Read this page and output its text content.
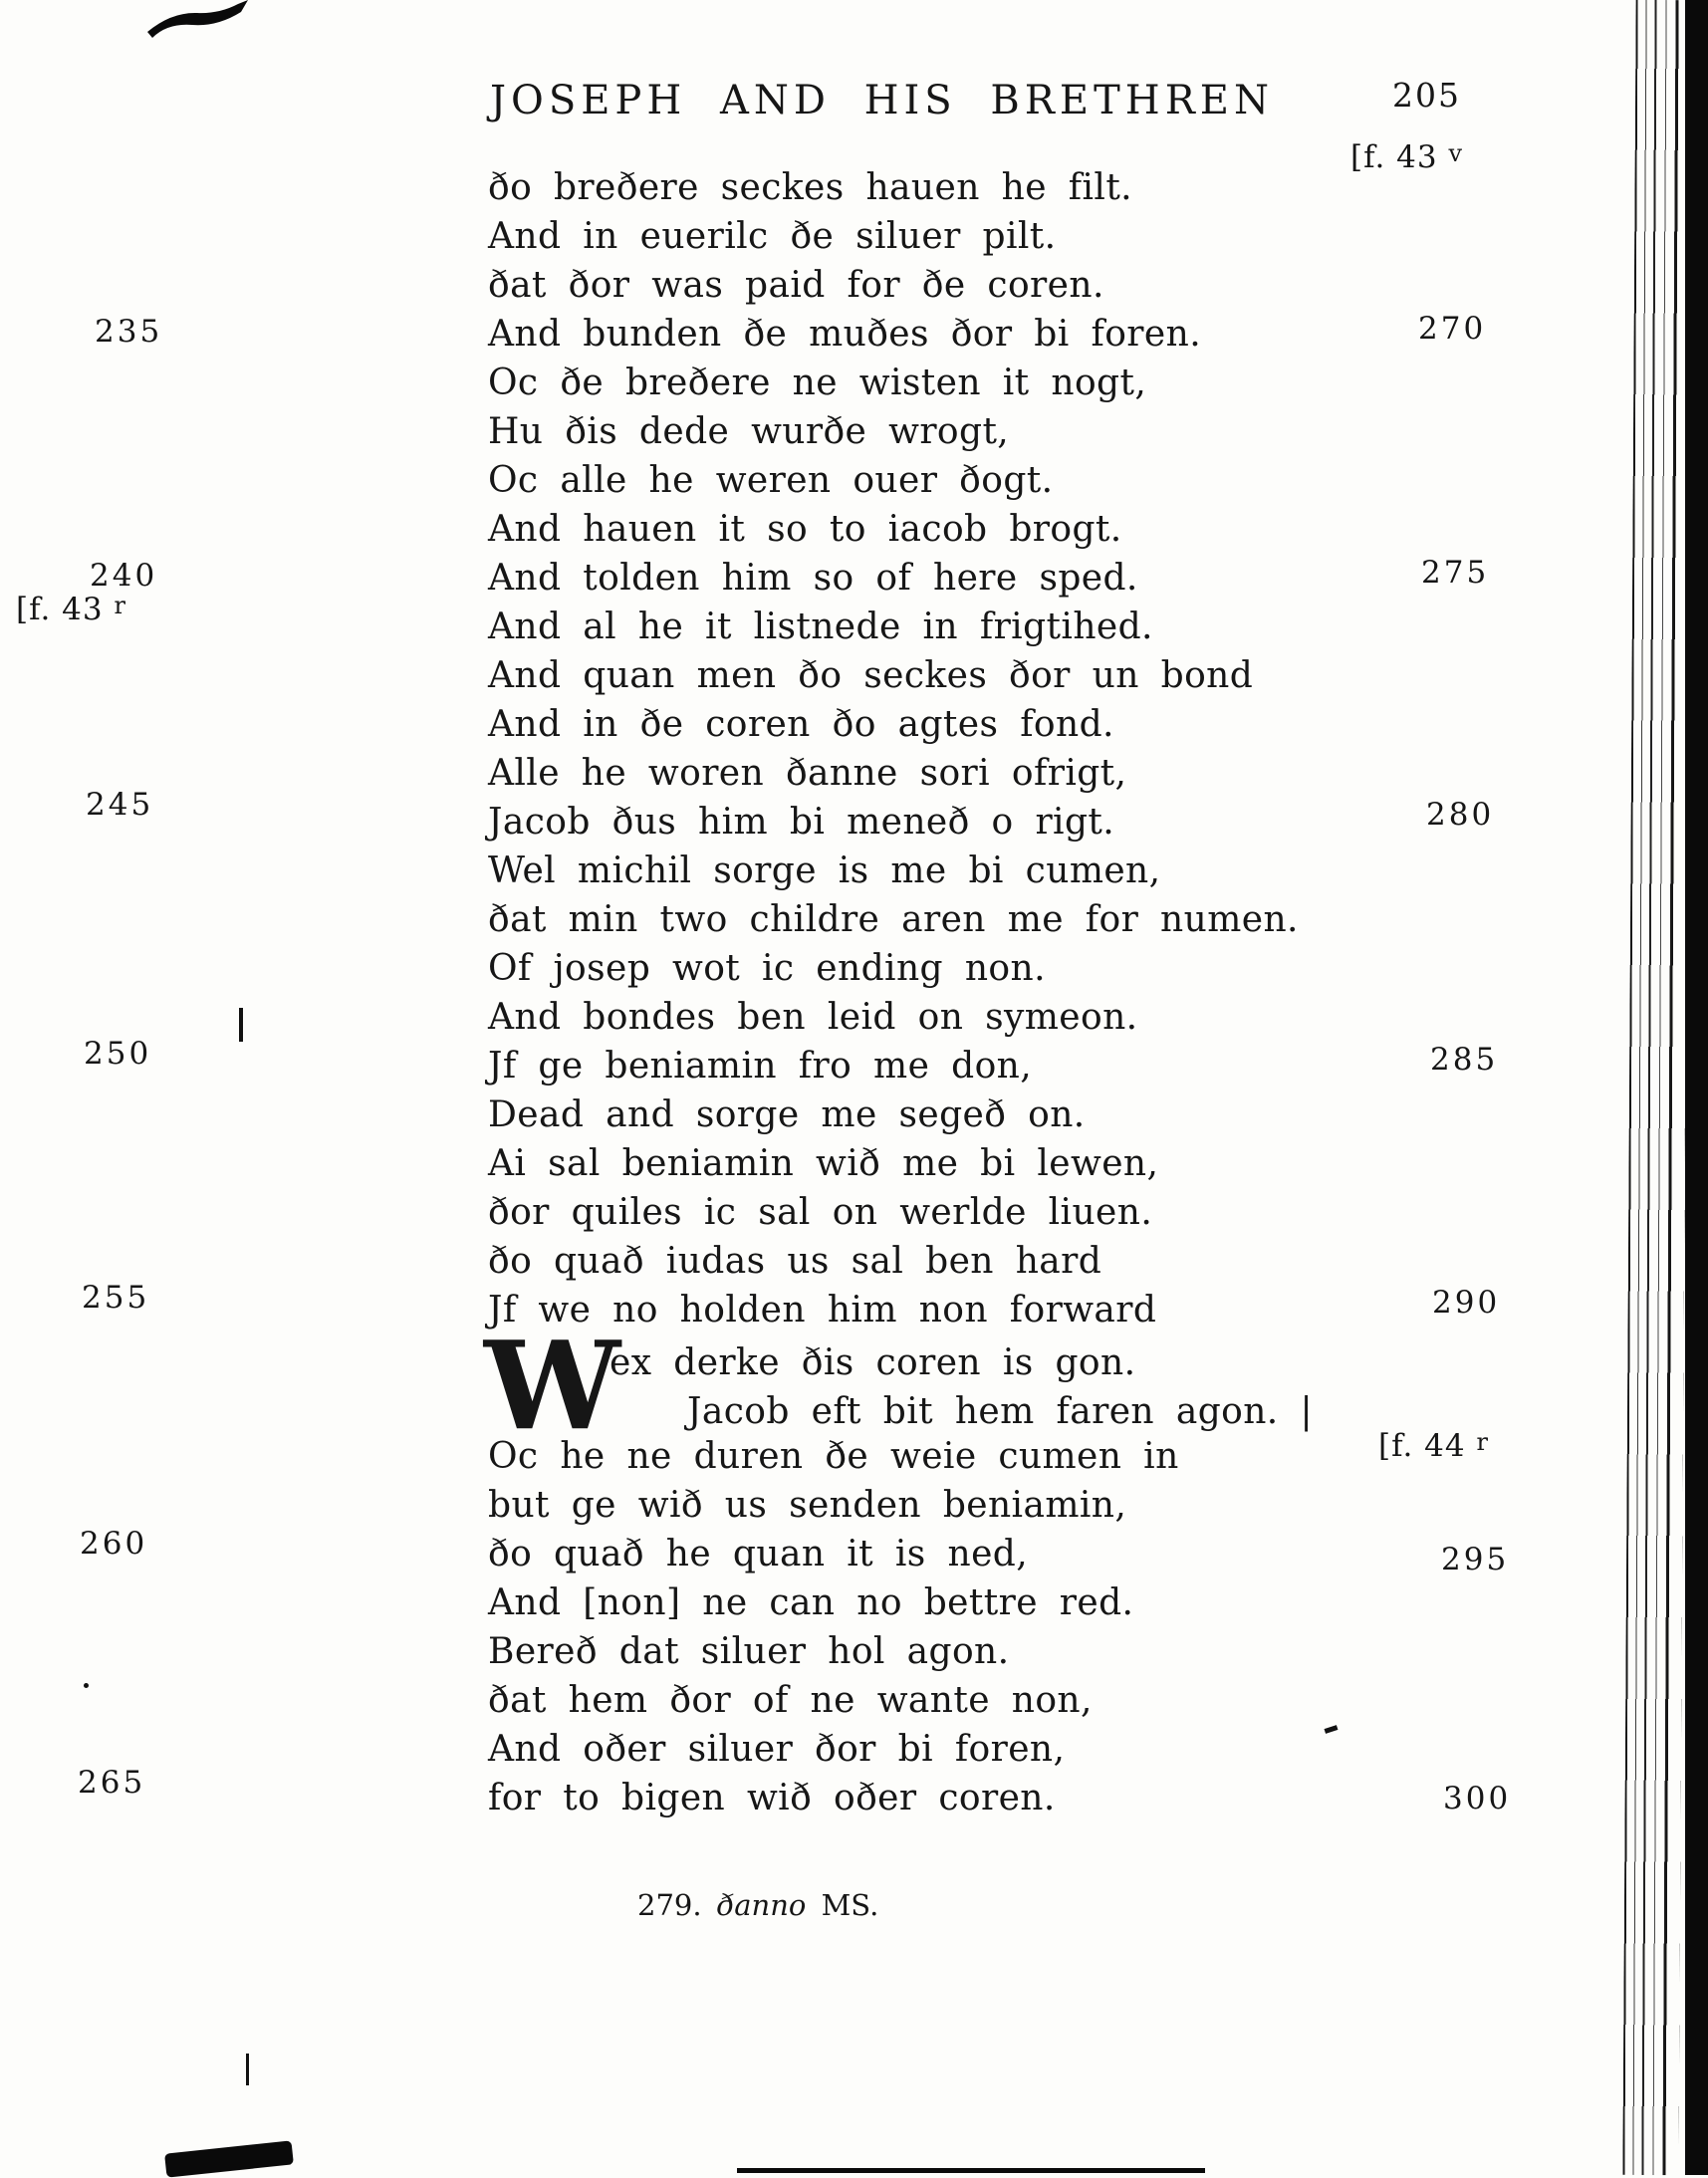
JOSEPH AND HIS BRETHREN	205
ðo breðere seckes hauen he filt.
And in euerilc ðe siluer pilt.
ðat ðor was paid for ðe coren.
And bunden ðe muðes ðor bi foren.
Oc ðe breðere ne wisten it nogt,
Hu ðis dede wurðe wrogt,
Oc alle he weren ouer ðogt.
And hauen it so to iacob brogt.
And tolden him so of here sped.
And al he it listnede in frigtihed.
And quan men ðo seckes ðor un bond
And in ðe coren ðo agtes fond.
Alle he woren ðanne sori ofrigt,
Jacob ðus him bi meneð o rigt.
Wel michil sorge is me bi cumen,
ðat min two childre aren me for numen.
Of josep wot ic ending non.
And bondes ben leid on symeon.
Jf ge beniamin fro me don,
Dead and sorge me segeð on.
Ai sal beniamin wið me bi lewen,
ðor quiles ic sal on werlde liuen.
ðo quað iudas us sal ben hard
Jf we no holden him non forward
W
ex derke ðis coren is gon.
Jacob eft bit hem faren agon. |
Oc he ne duren ðe weie cumen in
but ge wið us senden beniamin,
ðo quað he quan it is ned,
And [non] ne can no bettre red.
Bereð dat siluer hol agon.
ðat hem ðor of ne wante non,
And oðer siluer ðor bi foren,
for to bigen wið oðer coren.
235
240
[f. 43 $^r$
245
250
255
260
265
[f. 43 $^v$
270
275
280
285
290
[f. 44 $^r$
295
300
279. ðanno MS.
